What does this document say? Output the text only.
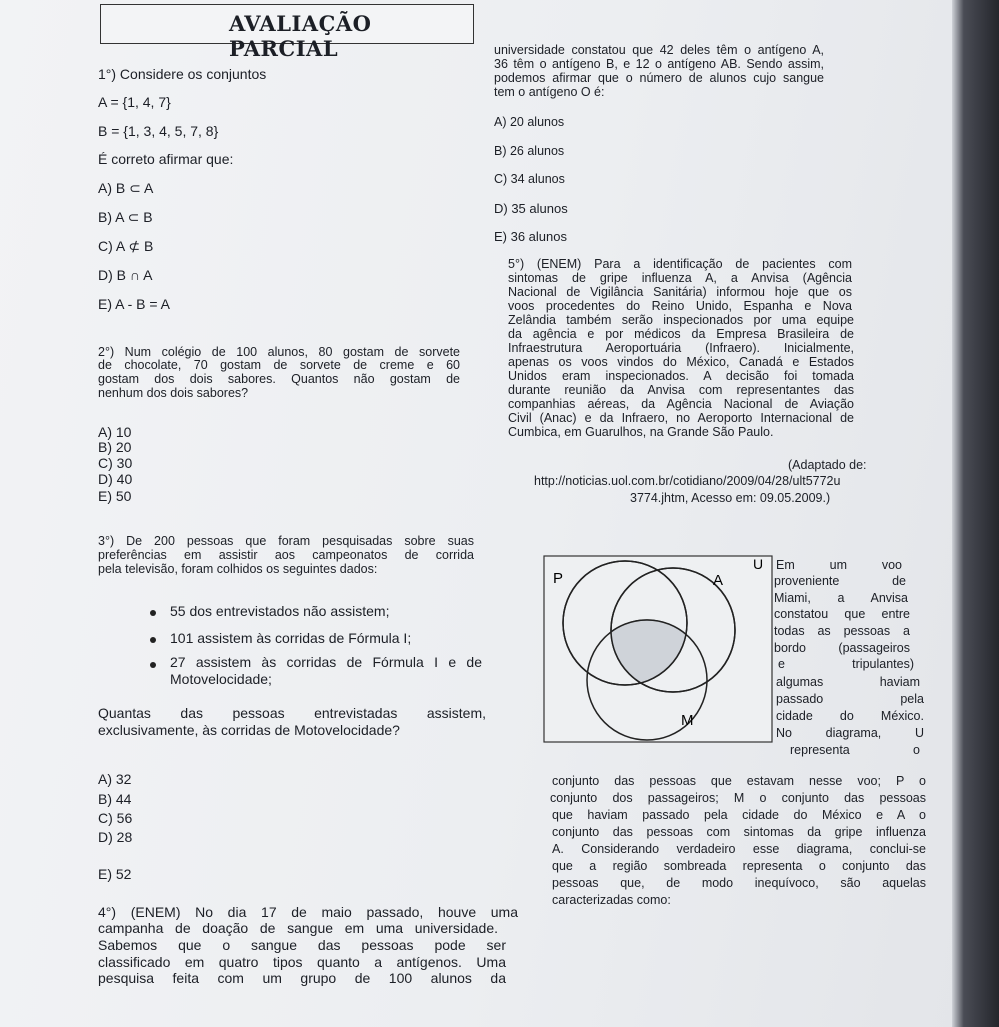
AVALIAÇÃO PARCIAL
1°) Considere os conjuntos
A = {1, 4, 7}
B = {1, 3, 4, 5, 7, 8}
É correto afirmar que:
A) B ⊂ A
B) A ⊂ B
C) A ⊄ B
D) B ∩ A
E) A - B = A
2°) Num colégio de 100 alunos, 80 gostam de sorvete
de chocolate, 70 gostam de sorvete de creme e 60
gostam dos dois sabores. Quantos não gostam de
nenhum dos dois sabores?
A) 10
B) 20
C) 30
D) 40
E) 50
3°) De 200 pessoas que foram pesquisadas sobre suas
preferências em assistir aos campeonatos de corrida
pela televisão, foram colhidos os seguintes dados:
55 dos entrevistados não assistem;
101 assistem às corridas de Fórmula I;
27 assistem às corridas de Fórmula I e de
Motovelocidade;
Quantas das pessoas entrevistadas assistem,
exclusivamente, às corridas de Motovelocidade?
A) 32
B) 44
C) 56
D) 28
E) 52
4°) (ENEM) No dia 17 de maio passado, houve uma
campanha de doação de sangue em uma universidade.
Sabemos que o sangue das pessoas pode ser
classificado em quatro tipos quanto a antígenos. Uma
pesquisa feita com um grupo de 100 alunos da
universidade constatou que 42 deles têm o antígeno A,
36 têm o antígeno B, e 12 o antígeno AB. Sendo assim,
podemos afirmar que o número de alunos cujo sangue
tem o antígeno O é:
A) 20 alunos
B) 26 alunos
C) 34 alunos
D) 35 alunos
E) 36 alunos
5°) (ENEM) Para a identificação de pacientes com
sintomas de gripe influenza A, a Anvisa (Agência
Nacional de Vigilância Sanitária) informou hoje que os
voos procedentes do Reino Unido, Espanha e Nova
Zelândia também serão inspecionados por uma equipe
da agência e por médicos da Empresa Brasileira de
Infraestrutura Aeroportuária (Infraero). Inicialmente,
apenas os voos vindos do México, Canadá e Estados
Unidos eram inspecionados. A decisão foi tomada
durante reunião da Anvisa com representantes das
companhias aéreas, da Agência Nacional de Aviação
Civil (Anac) e da Infraero, no Aeroporto Internacional de
Cumbica, em Guarulhos, na Grande São Paulo.
(Adaptado de:
http://noticias.uol.com.br/cotidiano/2009/04/28/ult5772u
3774.jhtm, Acesso em: 09.05.2009.)
U
P	A
M
Em um voo
proveniente de
Miami, a Anvisa
constatou que entre
todas as pessoas a
bordo (passageiros
e tripulantes)
algumas haviam
passado pela
cidade do México.
No diagrama, U
representa o
conjunto das pessoas que estavam nesse voo; P o
conjunto dos passageiros; M o conjunto das pessoas
que haviam passado pela cidade do México e A o
conjunto das pessoas com sintomas da gripe influenza
A. Considerando verdadeiro esse diagrama, conclui-se
que a região sombreada representa o conjunto das
pessoas que, de modo inequívoco, são aquelas
caracterizadas como:
